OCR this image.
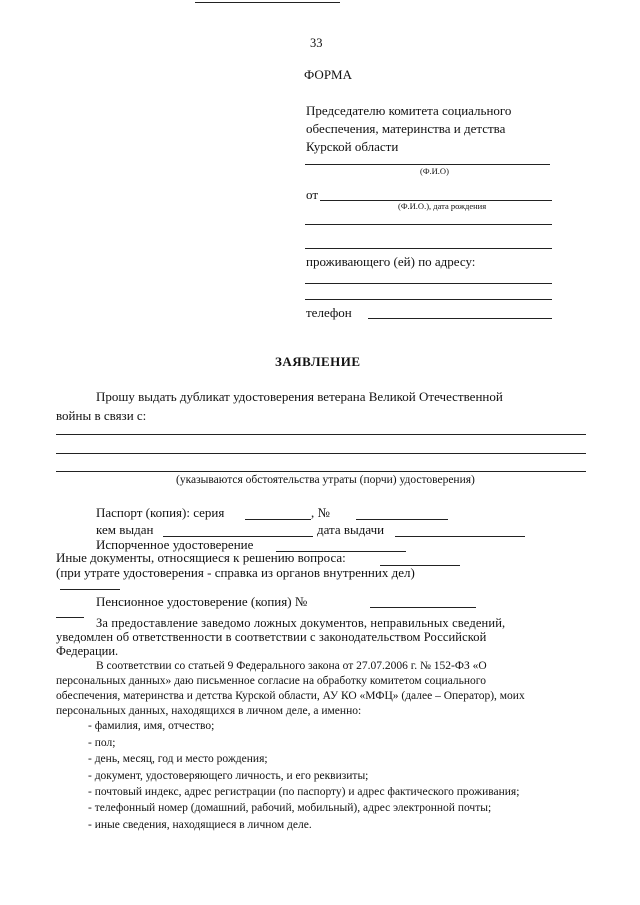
33
ФОРМА
Председателю комитета социального
обеспечения, материнства и детства
Курской области
(Ф.И.О)
от
(Ф.И.О.), дата рождения
проживающего (ей) по адресу:
телефон
ЗАЯВЛЕНИЕ
Прошу выдать дубликат удостоверения ветерана Великой Отечественной
войны в связи с:
(указываются обстоятельства утраты (порчи) удостоверения)
Паспорт (копия): серия	, №
кем выдан	дата выдачи
Испорченное удостоверение
Иные документы, относящиеся к решению вопроса:
(при утрате удостоверения - справка из органов внутренних дел)
Пенсионное удостоверение (копия) №
За предоставление заведомо ложных документов, неправильных сведений,
уведомлен об ответственности в соответствии с законодательством Российской
Федерации.
В соответствии со статьей 9 Федерального закона от 27.07.2006 г. № 152-ФЗ «О
персональных данных» даю письменное согласие на обработку комитетом социального
обеспечения, материнства и детства Курской области, АУ КО «МФЦ» (далее – Оператор), моих
персональных данных, находящихся в личном деле, а именно:
- фамилия, имя, отчество;
- пол;
- день, месяц, год и место рождения;
- документ, удостоверяющего личность, и его реквизиты;
- почтовый индекс, адрес регистрации (по паспорту) и адрес фактического проживания;
- телефонный номер (домашний, рабочий, мобильный), адрес электронной почты;
- иные сведения, находящиеся в личном деле.
